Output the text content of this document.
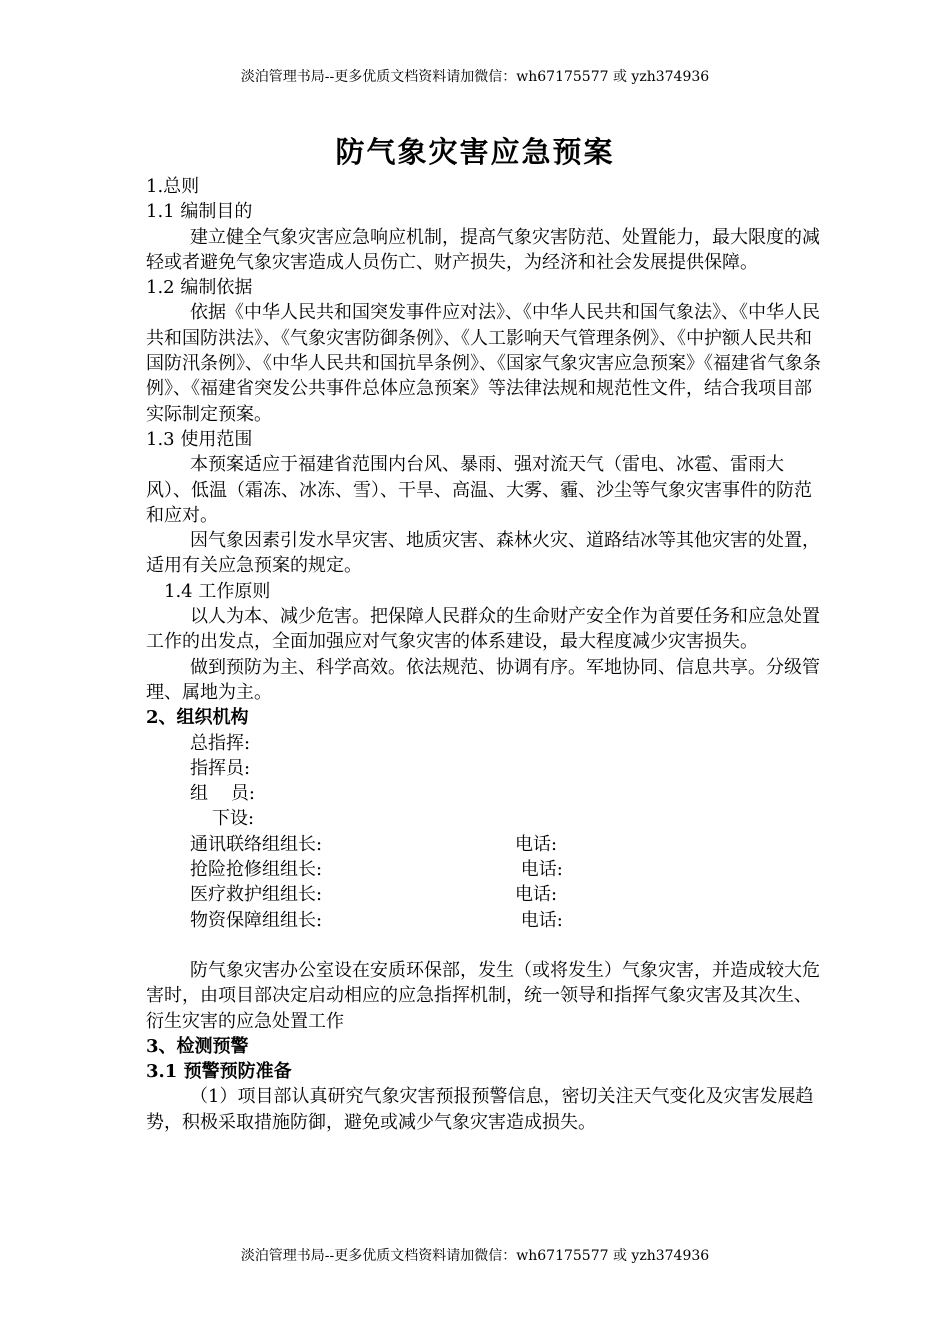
淡泊管理书局--更多优质文档资料请加微信：wh67175577 或 yzh374936
防气象灾害应急预案

1.总则

1.1 编制目的

建立健全气象灾害应急响应机制，提高气象灾害防范、处置能力，最大限度的减轻或者避免气象灾害造成人员伤亡、财产损失，为经济和社会发展提供保障。

1.2 编制依据

依据《中华人民共和国突发事件应对法》、《中华人民共和国气象法》、《中华人民共和国防洪法》、《气象灾害防御条例》、《人工影响天气管理条例》、《中护额人民共和国防汛条例》、《中华人民共和国抗旱条例》、《国家气象灾害应急预案》《福建省气象条例》、《福建省突发公共事件总体应急预案》等法律法规和规范性文件，结合我项目部实际制定预案。

1.3 使用范围

本预案适应于福建省范围内台风、暴雨、强对流天气（雷电、冰雹、雷雨大风）、低温（霜冻、冰冻、雪）、干旱、高温、大雾、霾、沙尘等气象灾害事件的防范和应对。

因气象因素引发水旱灾害、地质灾害、森林火灾、道路结冰等其他灾害的处置，适用有关应急预案的规定。

1.4 工作原则

以人为本、减少危害。把保障人民群众的生命财产安全作为首要任务和应急处置工作的出发点，全面加强应对气象灾害的体系建设，最大程度减少灾害损失。

做到预防为主、科学高效。依法规范、协调有序。军地协同、信息共享。分级管理、属地为主。

2、组织机构

总指挥:

指挥员:

组    员:

下设:

通讯联络组组长:	电话:
抢险抢修组组长:	电话:
医疗救护组组长:	电话:
物资保障组组长:	电话:

防气象灾害办公室设在安质环保部，发生（或将发生）气象灾害，并造成较大危害时，由项目部决定启动相应的应急指挥机制，统一领导和指挥气象灾害及其次生、衍生灾害的应急处置工作

3、检测预警

3.1 预警预防准备

（1）项目部认真研究气象灾害预报预警信息，密切关注天气变化及灾害发展趋势，积极采取措施防御，避免或减少气象灾害造成损失。

淡泊管理书局--更多优质文档资料请加微信：wh67175577 或 yzh374936
